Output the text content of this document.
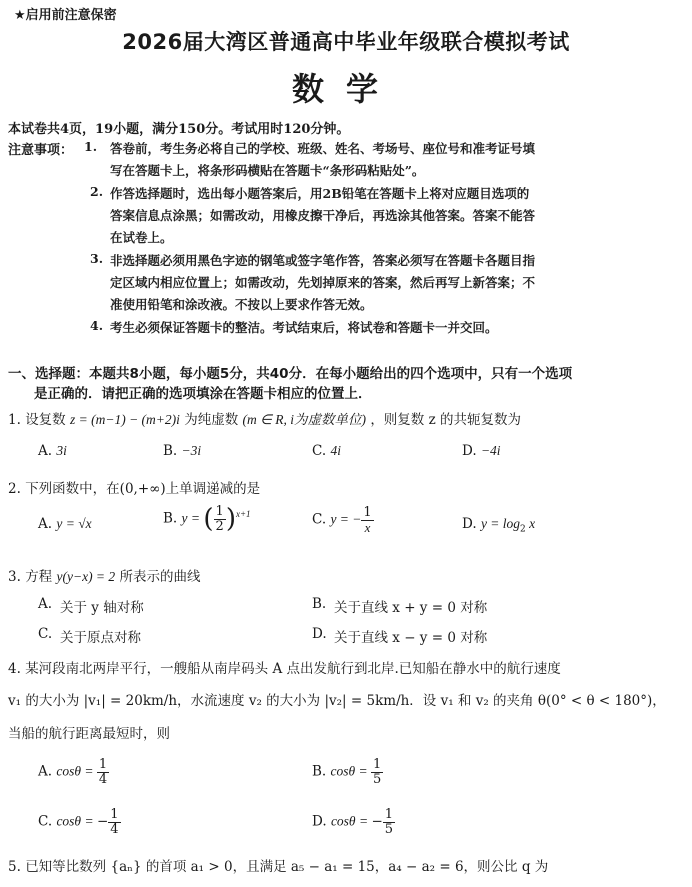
★启用前注意保密
2026届大湾区普通高中毕业年级联合模拟考试
数学
本试卷共4页，19小题，满分150分。考试用时120分钟。
注意事项： 1. 答卷前，考生务必将自己的学校、班级、姓名、考场号、座位号和准考证号填
写在答题卡上，将条形码横贴在答题卡“条形码粘贴处”。
2. 作答选择题时，选出每小题答案后，用2B铅笔在答题卡上将对应题目选项的
答案信息点涂黑；如需改动，用橡皮擦干净后，再选涂其他答案。答案不能答
在试卷上。
3. 非选择题必须用黑色字迹的钢笔或签字笔作答，答案必须写在答题卡各题目指
定区域内相应位置上；如需改动，先划掉原来的答案，然后再写上新答案；不
准使用铅笔和涂改液。不按以上要求作答无效。
4. 考生必须保证答题卡的整洁。考试结束后，将试卷和答题卡一并交回。
一、选择题：本题共8小题，每小题5分，共40分．在每小题给出的四个选项中，只有一个选项
是正确的．请把正确的选项填涂在答题卡相应的位置上．
1. 设复数 z = (m−1) − (m+2)i 为纯虚数 (m ∈ R, i为虚数单位) ，则复数 z 的共轭复数为
A. 3i	B. −3i	C. 4i	D. −4i
2. 下列函数中，在(0,+∞)上单调递减的是
A. y = √x	B. y = ( $\frac{1}{2} )^{x+1}$	C. y = − $\frac{1}{x}$	D. $y = \log_2 x$
3. 方程 y(y−x) = 2 所表示的曲线
A. 关于 y 轴对称	B. 关于直线 x + y = 0 对称
C. 关于原点对称	D. 关于直线 x − y = 0 对称
4. 某河段南北两岸平行，一艘船从南岸码头 A 点出发航行到北岸.已知船在静水中的航行速度
v₁ 的大小为 |v₁| = 20km/h，水流速度 v₂ 的大小为 |v₂| = 5km/h．设 v₁ 和 v₂ 的夹角 θ(0° < θ < 180°)，
当船的航行距离最短时，则
A. $\cos\theta = \frac{1}{4}$	B. $\cos\theta = \frac{1}{5}$
C. cosθ = − $\frac{1}{4}$	D. cosθ = − $\frac{1}{5}$
5. 已知等比数列 {aₙ} 的首项 a₁ > 0，且满足 a₅ − a₁ = 15，a₄ − a₂ = 6，则公比 q 为
